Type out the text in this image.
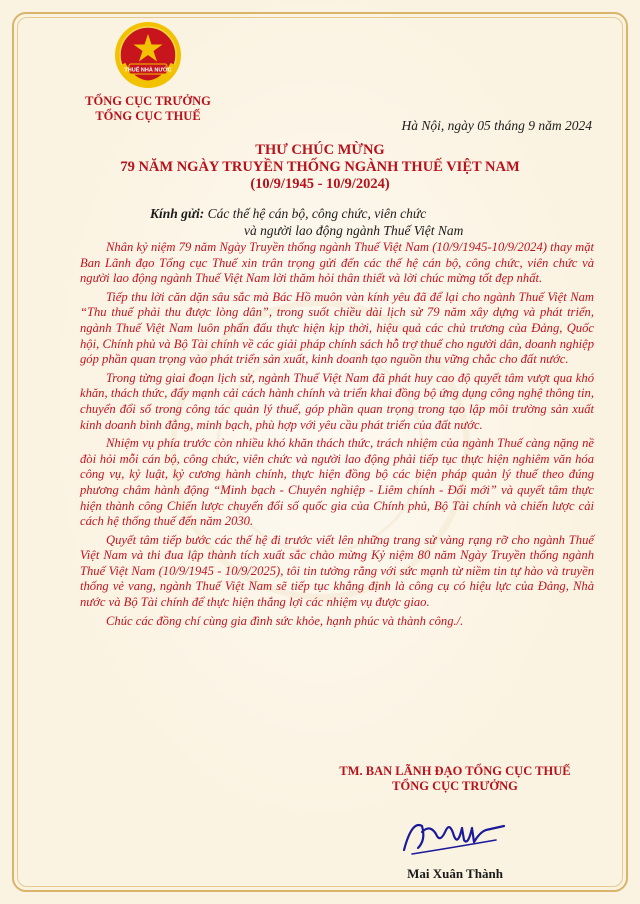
THUẾ NHÀ NƯỚC
TỔNG CỤC TRƯỞNG
TỔNG CỤC THUẾ
Hà Nội, ngày 05 tháng 9 năm 2024
THƯ CHÚC MỪNG
79 NĂM NGÀY TRUYỀN THỐNG NGÀNH THUẾ VIỆT NAM
(10/9/1945 - 10/9/2024)
Kính gửi: Các thế hệ cán bộ, công chức, viên chức
và người lao động ngành Thuế Việt Nam

Nhân kỷ niệm 79 năm Ngày Truyền thống ngành Thuế Việt Nam (10/9/1945-10/9/2024) thay mặt Ban Lãnh đạo Tổng cục Thuế xin trân trọng gửi đến các thế hệ cán bộ, công chức, viên chức và người lao động ngành Thuế Việt Nam lời thăm hỏi thân thiết và lời chúc mừng tốt đẹp nhất.

Tiếp thu lời căn dặn sâu sắc mà Bác Hồ muôn vàn kính yêu đã để lại cho ngành Thuế Việt Nam “Thu thuế phải thu được lòng dân”, trong suốt chiều dài lịch sử 79 năm xây dựng và phát triển, ngành Thuế Việt Nam luôn phấn đấu thực hiện kịp thời, hiệu quả các chủ trương của Đảng, Quốc hội, Chính phủ và Bộ Tài chính về các giải pháp chính sách hỗ trợ thuế cho người dân, doanh nghiệp góp phần quan trọng vào phát triển sản xuất, kinh doanh tạo nguồn thu vững chắc cho đất nước.

Trong từng giai đoạn lịch sử, ngành Thuế Việt Nam đã phát huy cao độ quyết tâm vượt qua khó khăn, thách thức, đẩy mạnh cải cách hành chính và triển khai đồng bộ ứng dụng công nghệ thông tin, chuyển đổi số trong công tác quản lý thuế, góp phần quan trọng trong tạo lập môi trường sản xuất kinh doanh bình đẳng, minh bạch, phù hợp với yêu cầu phát triển của đất nước.

Nhiệm vụ phía trước còn nhiều khó khăn thách thức, trách nhiệm của ngành Thuế càng nặng nề đòi hỏi mỗi cán bộ, công chức, viên chức và người lao động phải tiếp tục thực hiện nghiêm văn hóa công vụ, kỷ luật, kỷ cương hành chính, thực hiện đồng bộ các biện pháp quản lý thuế theo đúng phương châm hành động “Minh bạch - Chuyên nghiệp - Liêm chính - Đổi mới” và quyết tâm thực hiện thành công Chiến lược chuyển đổi số quốc gia của Chính phủ, Bộ Tài chính và chiến lược cải cách hệ thống thuế đến năm 2030.

Quyết tâm tiếp bước các thế hệ đi trước viết lên những trang sử vàng rạng rỡ cho ngành Thuế Việt Nam và thi đua lập thành tích xuất sắc chào mừng Kỷ niệm 80 năm Ngày Truyền thống ngành Thuế Việt Nam (10/9/1945 - 10/9/2025), tôi tin tưởng rằng với sức mạnh từ niềm tin tự hào và truyền thống vẻ vang, ngành Thuế Việt Nam sẽ tiếp tục khẳng định là công cụ có hiệu lực của Đảng, Nhà nước và Bộ Tài chính để thực hiện thắng lợi các nhiệm vụ được giao.

Chúc các đồng chí cùng gia đình sức khỏe, hạnh phúc và thành công./.

TM. BAN LÃNH ĐẠO TỔNG CỤC THUẾ
TỔNG CỤC TRƯỞNG
Mai Xuân Thành
